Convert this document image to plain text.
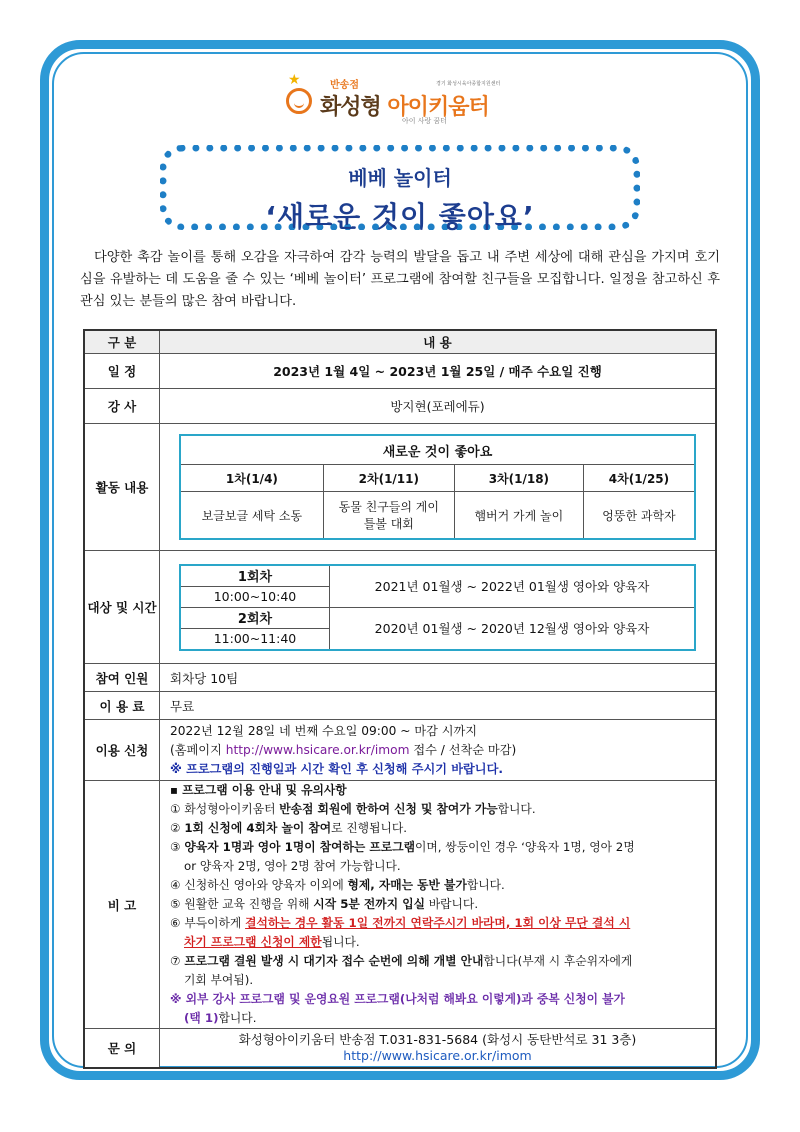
★	반송점	경기 화성시육아종합지원센터
화성형 아이키움터
아이 사랑 꿈터
베베 놀이터
‘새로운 것이 좋아요’

다양한 촉감 놀이를 통해 오감을 자극하여 감각 능력의 발달을 돕고 내 주변 세상에 대해 관심을 가지며 호기심을 유발하는 데 도움을 줄 수 있는 ‘베베 놀이터’ 프로그램에 참여할 친구들을 모집합니다. 일정을 참고하신 후 관심 있는 분들의 많은 참여 바랍니다.

구 분	내 용
일 정	2023년 1월 4일 ~ 2023년 1월 25일 / 매주 수요일 진행
강 사	방지현(포레에듀)
활동 내용	
새로운 것이 좋아요
1차(1/4)	2차(1/11)	3차(1/18)	4차(1/25)
보글보글 세탁 소동	동물 친구들의 게이틀볼 대회	햄버거 가게 놀이	엉뚱한 과학자

대상 및 시간	
1회차	2021년 01월생 ~ 2022년 01월생 영아와 양육자
10:00~10:40
2회차	2020년 01월생 ~ 2020년 12월생 영아와 양육자
11:00~11:40

참여 인원	회차당 10팀
이 용 료	무료
이용 신청	
2022년 12월 28일 네 번째 수요일 09:00 ~ 마감 시까지
(홈페이지 http://www.hsicare.or.kr/imom 접수 / 선착순 마감)
※ 프로그램의 진행일과 시간 확인 후 신청해 주시기 바랍니다.

비 고	
▪ 프로그램 이용 안내 및 유의사항
① 화성형아이키움터 반송점 회원에 한하여 신청 및 참여가 가능합니다.
② 1회 신청에 4회차 놀이 참여로 진행됩니다.
③ 양육자 1명과 영아 1명이 참여하는 프로그램이며, 쌍둥이인 경우 ‘양육자 1명, 영아 2명
or 양육자 2명, 영아 2명 참여 가능합니다.
④ 신청하신 영아와 양육자 이외에 형제, 자매는 동반 불가합니다.
⑤ 원활한 교육 진행을 위해 시작 5분 전까지 입실 바랍니다.
⑥ 부득이하게 결석하는 경우 활동 1일 전까지 연락주시기 바라며, 1회 이상 무단 결석 시
차기 프로그램 신청이 제한됩니다.
⑦ 프로그램 결원 발생 시 대기자 접수 순번에 의해 개별 안내합니다(부재 시 후순위자에게
기회 부여됨).
※ 외부 강사 프로그램 및 운영요원 프로그램(나처럼 해봐요 이렇게)과 중복 신청이 불가
(택 1)합니다.

문 의	
화성형아이키움터 반송점 T.031-831-5684 (화성시 동탄반석로 31 3층)
http://www.hsicare.or.kr/imom
